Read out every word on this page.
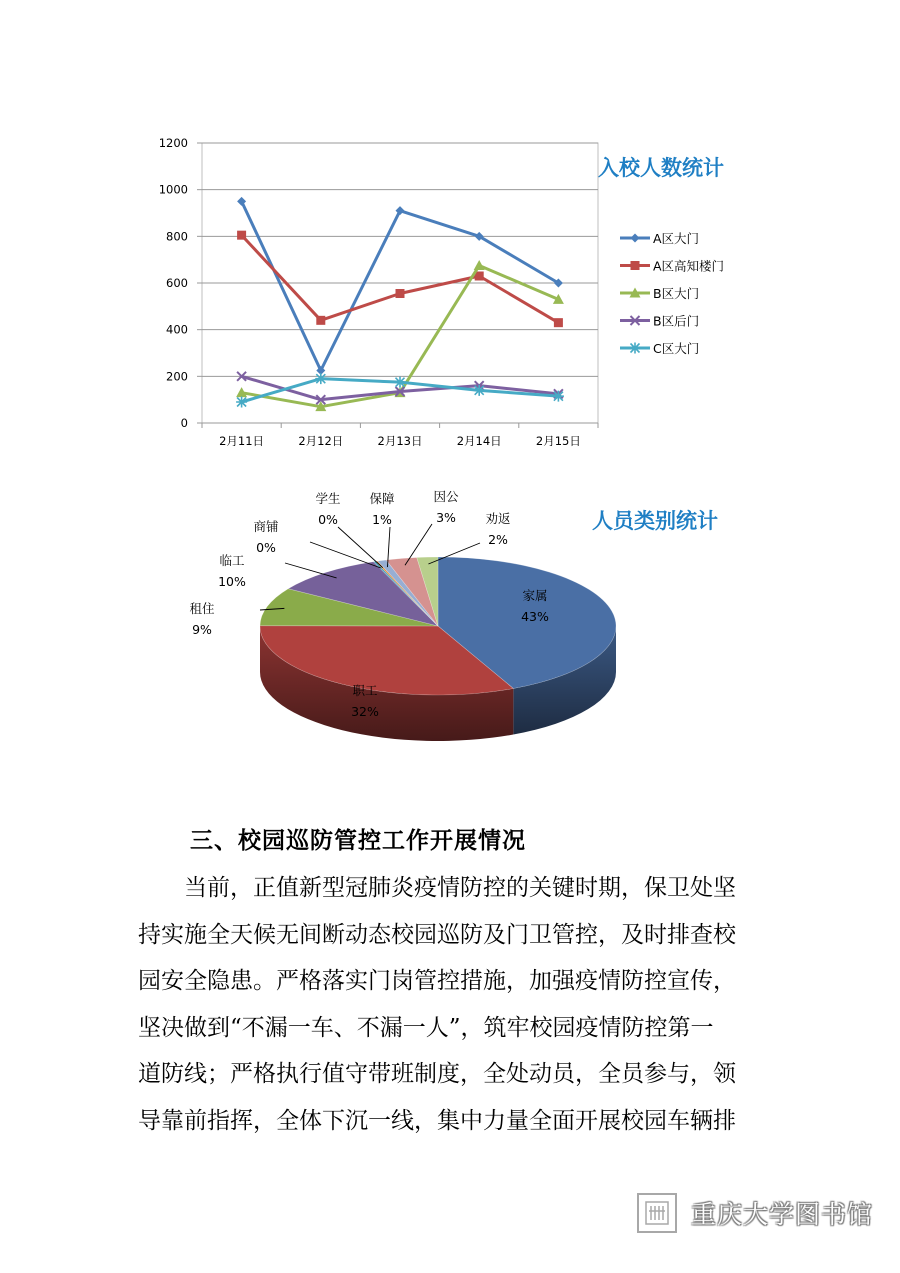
0
200
400
600
800
1000
1200
2月11日	2月12日	2月13日	2月14日	2月15日
入校人数统计
A区大门
A区高知楼门
B区大门
B区后门
C区大门
人员类别统计
家属
43%
职工
32%
租住
9%
临工
10%
商铺
0%
学生
0%
保障
1%
因公
3% 劝返
2%
三、校园巡防管控工作开展情况

　　当前，正值新型冠肺炎疫情防控的关键时期，保卫处坚
持实施全天候无间断动态校园巡防及门卫管控，及时排查校
园安全隐患。严格落实门岗管控措施，加强疫情防控宣传，
坚决做到“不漏一车、不漏一人”，筑牢校园疫情防控第一
道防线；严格执行值守带班制度，全处动员，全员参与，领
导靠前指挥，全体下沉一线，集中力量全面开展校园车辆排

重庆大学图书馆
